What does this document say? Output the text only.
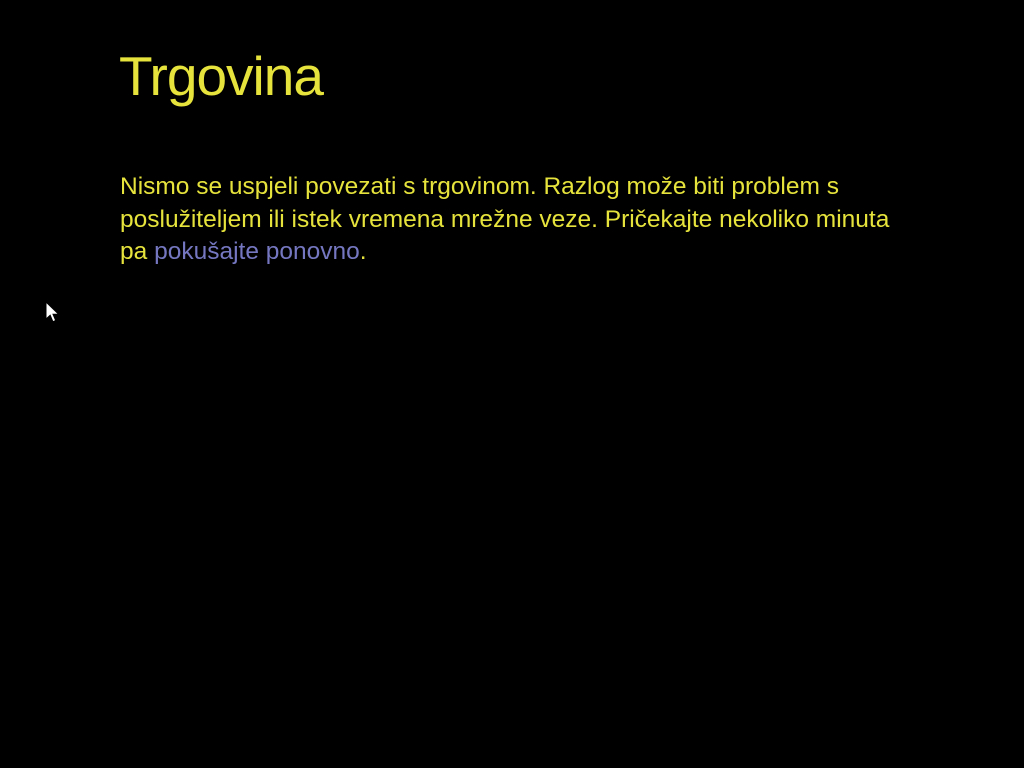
Trgovina

Nismo se uspjeli povezati s trgovinom. Razlog može biti problem s
poslužiteljem ili istek vremena mrežne veze. Pričekajte nekoliko minuta
pa pokušajte ponovno.
